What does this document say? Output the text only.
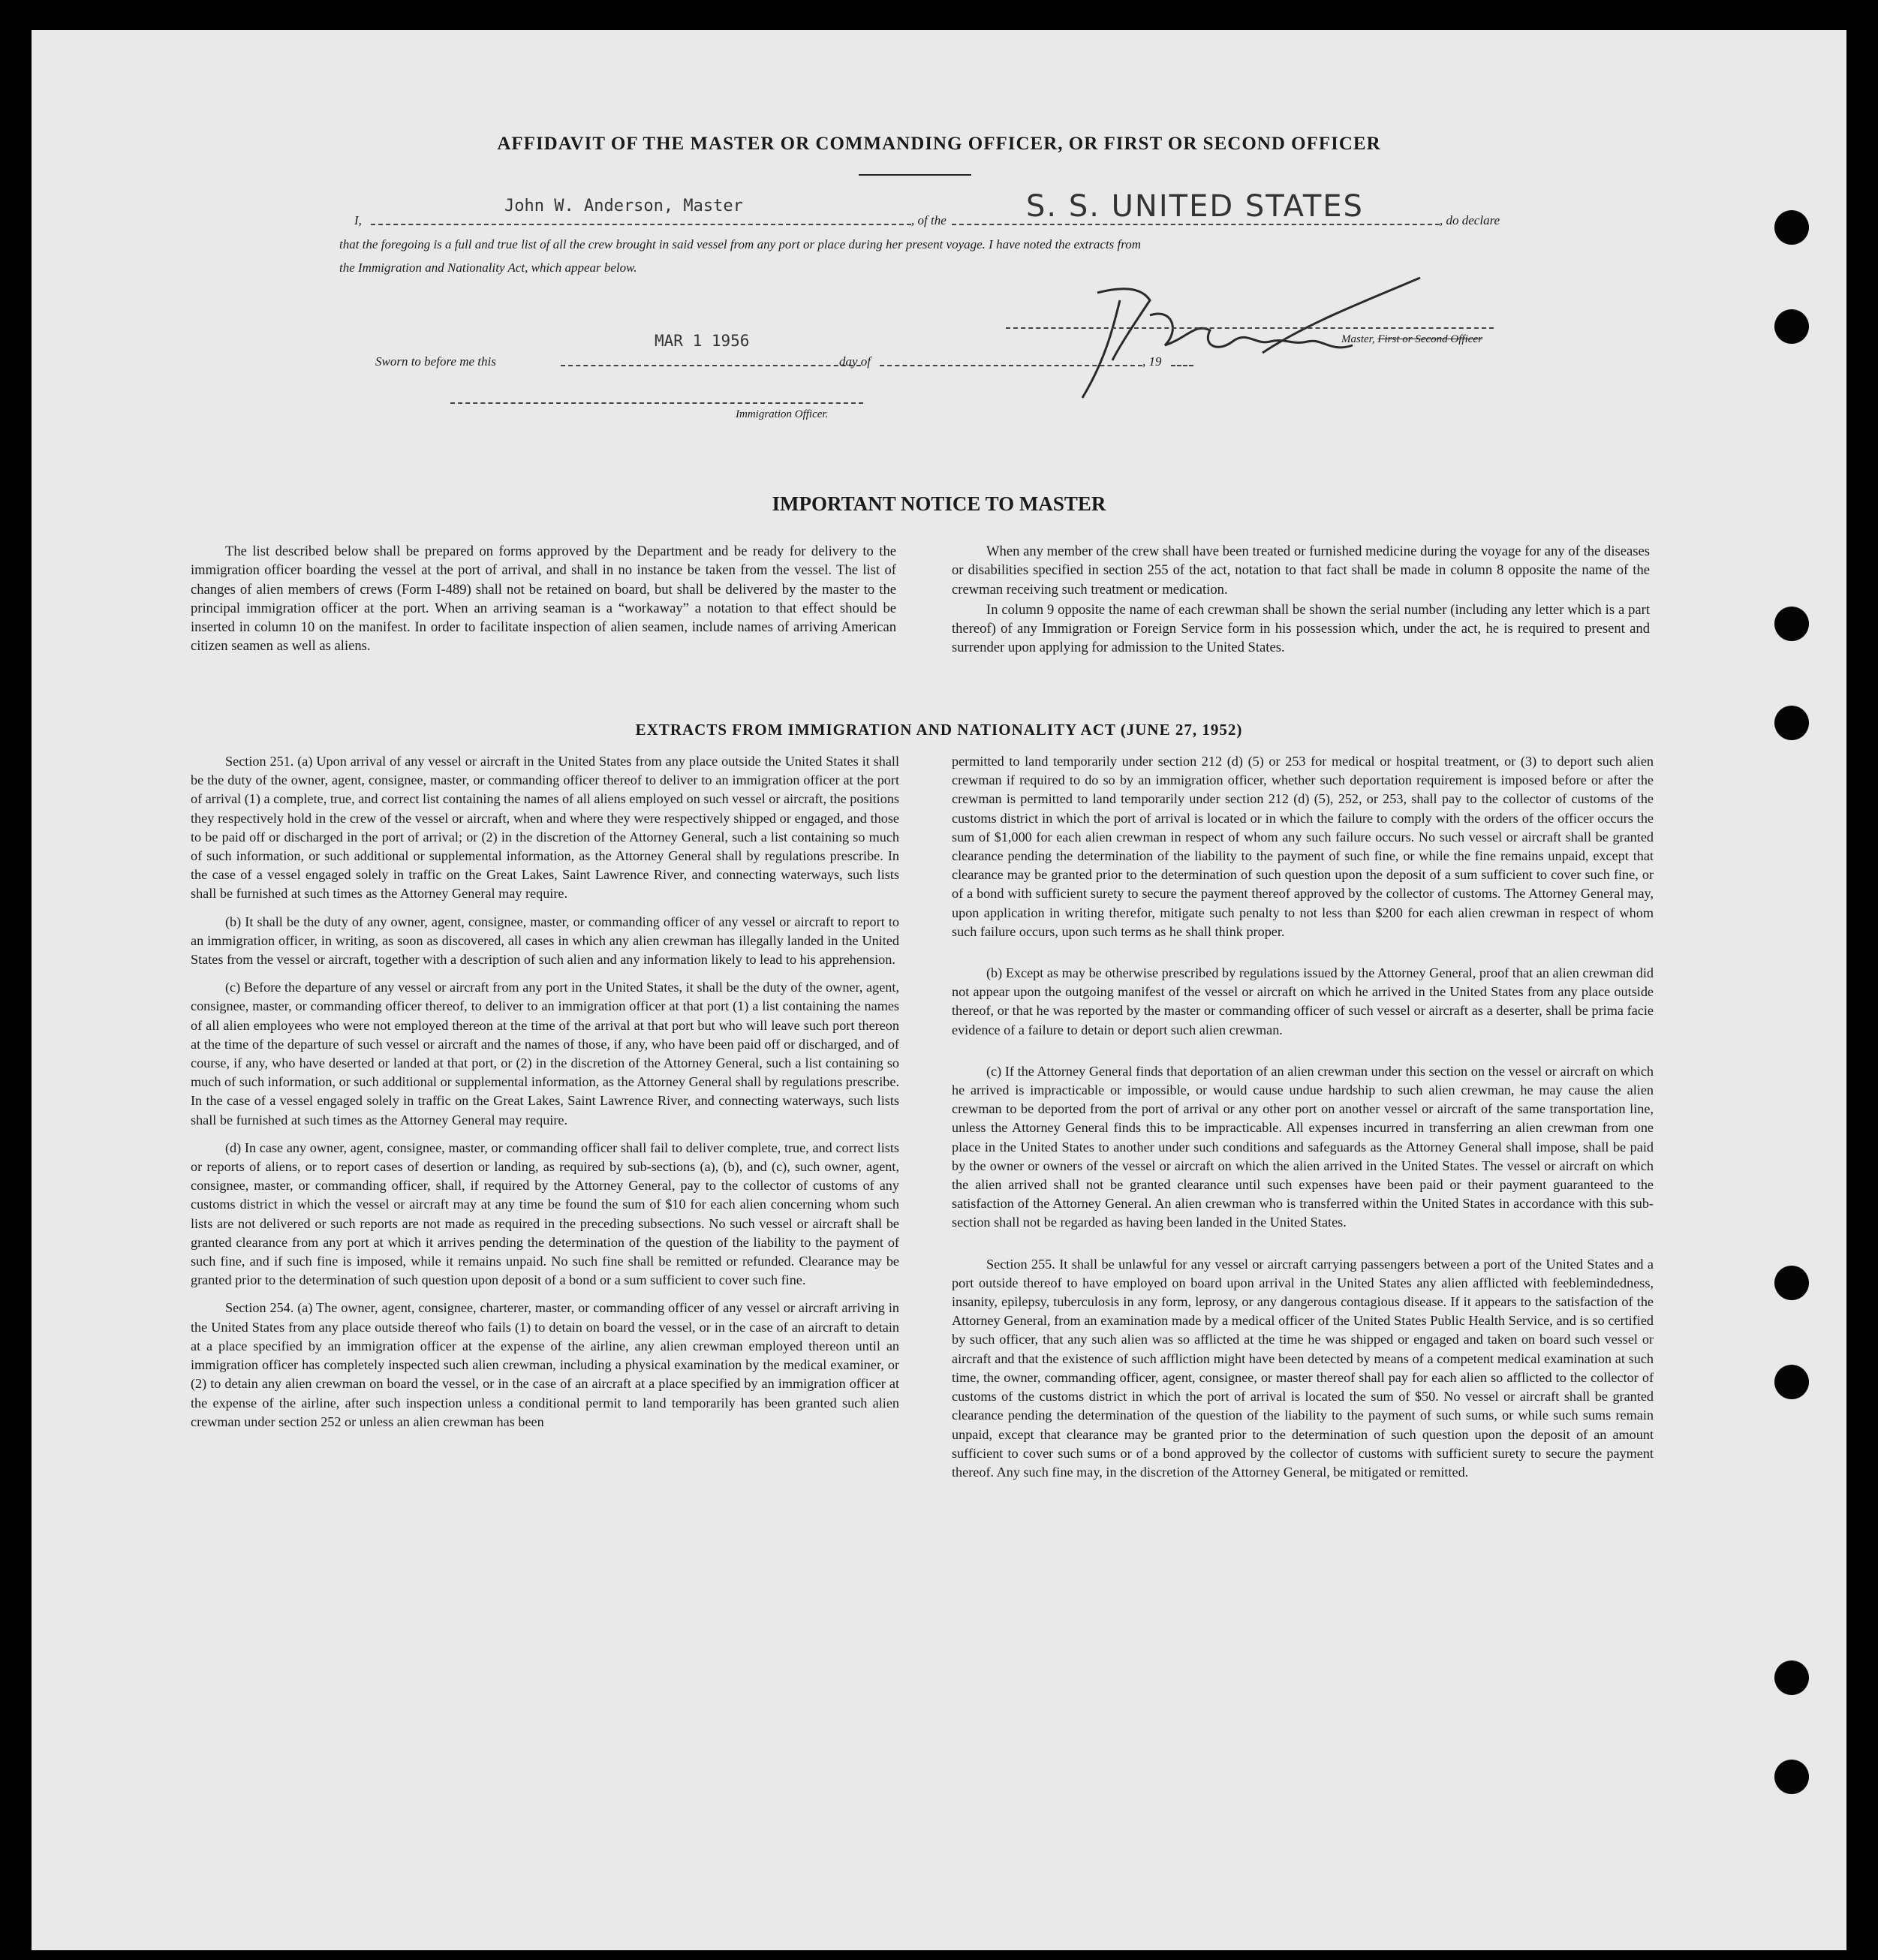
AFFIDAVIT OF THE MASTER OR COMMANDING OFFICER, OR FIRST OR SECOND OFFICER
I,
John W. Anderson, Master
, of the	S. S. UNITED STATES	, do declare
that the foregoing is a full and true list of all the crew brought in said vessel from any port or place during her present voyage. I have noted the extracts from
the Immigration and Nationality Act, which appear below.
Master, First or Second Officer
Sworn to before me this
MAR 1 1956
day of	, 19
Immigration Officer.
IMPORTANT NOTICE TO MASTER

The list described below shall be prepared on forms approved by the Department and be ready for delivery to the immigration officer boarding the vessel at the port of arrival, and shall in no instance be taken from the vessel. The list of changes of alien members of crews (Form I-489) shall not be retained on board, but shall be delivered by the master to the principal immigration officer at the port. When an arriving seaman is a “workaway” a notation to that effect should be inserted in column 10 on the manifest. In order to facilitate inspection of alien seamen, include names of arriving American citizen seamen as well as aliens.

When any member of the crew shall have been treated or furnished medicine during the voyage for any of the diseases or disabilities specified in section 255 of the act, notation to that fact shall be made in column 8 opposite the name of the crewman receiving such treatment or medication.

In column 9 opposite the name of each crewman shall be shown the serial number (including any letter which is a part thereof) of any Immigration or Foreign Service form in his possession which, under the act, he is required to present and surrender upon applying for admission to the United States.

EXTRACTS FROM IMMIGRATION AND NATIONALITY ACT (JUNE 27, 1952)

Section 251. (a) Upon arrival of any vessel or aircraft in the United States from any place outside the United States it shall be the duty of the owner, agent, consignee, master, or commanding officer thereof to deliver to an immigration officer at the port of arrival (1) a complete, true, and correct list containing the names of all aliens employed on such vessel or aircraft, the positions they respectively hold in the crew of the vessel or aircraft, when and where they were respectively shipped or engaged, and those to be paid off or discharged in the port of arrival; or (2) in the discretion of the Attorney General, such a list containing so much of such information, or such additional or supplemental information, as the Attorney General shall by regulations prescribe. In the case of a vessel engaged solely in traffic on the Great Lakes, Saint Lawrence River, and connecting waterways, such lists shall be furnished at such times as the Attorney General may require.

(b) It shall be the duty of any owner, agent, consignee, master, or commanding officer of any vessel or aircraft to report to an immigration officer, in writing, as soon as discovered, all cases in which any alien crewman has illegally landed in the United States from the vessel or aircraft, together with a description of such alien and any information likely to lead to his apprehension.

(c) Before the departure of any vessel or aircraft from any port in the United States, it shall be the duty of the owner, agent, consignee, master, or commanding officer thereof, to deliver to an immigration officer at that port (1) a list containing the names of all alien employees who were not employed thereon at the time of the arrival at that port but who will leave such port thereon at the time of the departure of such vessel or aircraft and the names of those, if any, who have been paid off or discharged, and of course, if any, who have deserted or landed at that port, or (2) in the discretion of the Attorney General, such a list containing so much of such information, or such additional or supplemental information, as the Attorney General shall by regulations prescribe. In the case of a vessel engaged solely in traffic on the Great Lakes, Saint Lawrence River, and connecting waterways, such lists shall be furnished at such times as the Attorney General may require.

(d) In case any owner, agent, consignee, master, or commanding officer shall fail to deliver complete, true, and correct lists or reports of aliens, or to report cases of desertion or landing, as required by sub-sections (a), (b), and (c), such owner, agent, consignee, master, or commanding officer, shall, if required by the Attorney General, pay to the collector of customs of any customs district in which the vessel or aircraft may at any time be found the sum of $10 for each alien concerning whom such lists are not delivered or such reports are not made as required in the preceding subsections. No such vessel or aircraft shall be granted clearance from any port at which it arrives pending the determination of the question of the liability to the payment of such fine, and if such fine is imposed, while it remains unpaid. No such fine shall be remitted or refunded. Clearance may be granted prior to the determination of such question upon deposit of a bond or a sum sufficient to cover such fine.

Section 254. (a) The owner, agent, consignee, charterer, master, or commanding officer of any vessel or aircraft arriving in the United States from any place outside thereof who fails (1) to detain on board the vessel, or in the case of an aircraft to detain at a place specified by an immigration officer at the expense of the airline, any alien crewman employed thereon until an immigration officer has completely inspected such alien crewman, including a physical examination by the medical examiner, or (2) to detain any alien crewman on board the vessel, or in the case of an aircraft at a place specified by an immigration officer at the expense of the airline, after such inspection unless a conditional permit to land temporarily has been granted such alien crewman under section 252 or unless an alien crewman has been

permitted to land temporarily under section 212 (d) (5) or 253 for medical or hospital treatment, or (3) to deport such alien crewman if required to do so by an immigration officer, whether such deportation requirement is imposed before or after the crewman is permitted to land temporarily under section 212 (d) (5), 252, or 253, shall pay to the collector of customs of the customs district in which the port of arrival is located or in which the failure to comply with the orders of the officer occurs the sum of $1,000 for each alien crewman in respect of whom any such failure occurs. No such vessel or aircraft shall be granted clearance pending the determination of the liability to the payment of such fine, or while the fine remains unpaid, except that clearance may be granted prior to the determination of such question upon the deposit of a sum sufficient to cover such fine, or of a bond with sufficient surety to secure the payment thereof approved by the collector of customs. The Attorney General may, upon application in writing therefor, mitigate such penalty to not less than $200 for each alien crewman in respect of whom such failure occurs, upon such terms as he shall think proper.

(b) Except as may be otherwise prescribed by regulations issued by the Attorney General, proof that an alien crewman did not appear upon the outgoing manifest of the vessel or aircraft on which he arrived in the United States from any place outside thereof, or that he was reported by the master or commanding officer of such vessel or aircraft as a deserter, shall be prima facie evidence of a failure to detain or deport such alien crewman.

(c) If the Attorney General finds that deportation of an alien crewman under this section on the vessel or aircraft on which he arrived is impracticable or impossible, or would cause undue hardship to such alien crewman, he may cause the alien crewman to be deported from the port of arrival or any other port on another vessel or aircraft of the same transportation line, unless the Attorney General finds this to be impracticable. All expenses incurred in transferring an alien crewman from one place in the United States to another under such conditions and safeguards as the Attorney General shall impose, shall be paid by the owner or owners of the vessel or aircraft on which the alien arrived in the United States. The vessel or aircraft on which the alien arrived shall not be granted clearance until such expenses have been paid or their payment guaranteed to the satisfaction of the Attorney General. An alien crewman who is transferred within the United States in accordance with this sub-section shall not be regarded as having been landed in the United States.

Section 255. It shall be unlawful for any vessel or aircraft carrying passengers between a port of the United States and a port outside thereof to have employed on board upon arrival in the United States any alien afflicted with feeblemindedness, insanity, epilepsy, tuberculosis in any form, leprosy, or any dangerous contagious disease. If it appears to the satisfaction of the Attorney General, from an examination made by a medical officer of the United States Public Health Service, and is so certified by such officer, that any such alien was so afflicted at the time he was shipped or engaged and taken on board such vessel or aircraft and that the existence of such affliction might have been detected by means of a competent medical examination at such time, the owner, commanding officer, agent, consignee, or master thereof shall pay for each alien so afflicted to the collector of customs of the customs district in which the port of arrival is located the sum of $50. No vessel or aircraft shall be granted clearance pending the determination of the question of the liability to the payment of such sums, or while such sums remain unpaid, except that clearance may be granted prior to the determination of such question upon the deposit of an amount sufficient to cover such sums or of a bond approved by the collector of customs with sufficient surety to secure the payment thereof. Any such fine may, in the discretion of the Attorney General, be mitigated or remitted.
